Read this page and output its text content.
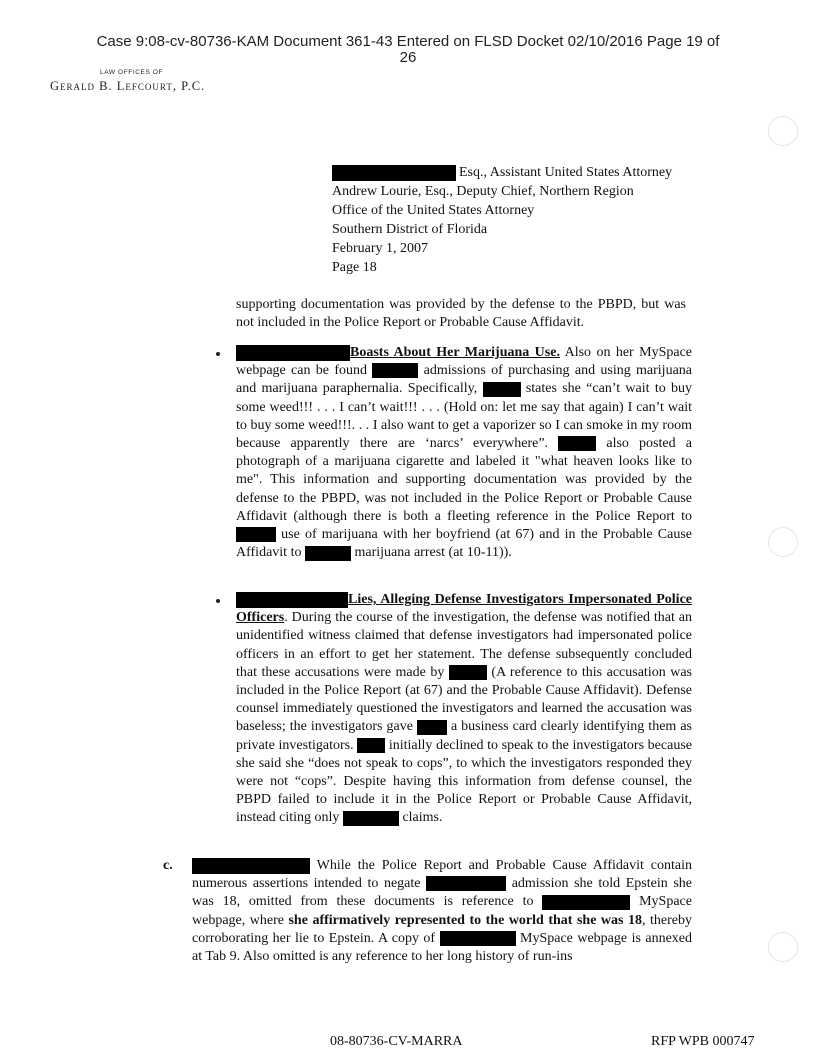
Case 9:08-cv-80736-KAM Document 361-43 Entered on FLSD Docket 02/10/2016 Page 19 of
26
LAW OFFICES OF
Gerald B. Lefcourt, P.C.
Esq., Assistant United States Attorney
Andrew Lourie, Esq., Deputy Chief, Northern Region
Office of the United States Attorney
Southern District of Florida
February 1, 2007
Page 18
supporting documentation was provided by the defense to the PBPD, but was not included in the Police Report or Probable Cause Affidavit.
Boasts About Her Marijuana Use. Also on her MySpace webpage can be found	admissions of purchasing and using marijuana and marijuana paraphernalia. Specifically,	states she “can’t wait to buy some weed!!! . . . I can’t wait!!! . . . (Hold on: let me say that again) I can’t wait to buy some weed!!!. . . I also want to get a vaporizer so I can smoke in my room because apparently there are ‘narcs’ everywhere”.	also posted a photograph of a marijuana cigarette and labeled it "what heaven looks like to me". This information and supporting documentation was provided by the defense to the PBPD, was not included in the Police Report or Probable Cause Affidavit (although there is both a fleeting reference in the Police Report to  use of marijuana with her boyfriend (at 67) and in the Probable Cause Affidavit to	marijuana arrest (at 10-11)).
Lies, Alleging Defense Investigators Impersonated Police Officers. During the course of the investigation, the defense was notified that an unidentified witness claimed that defense investigators had impersonated police officers in an effort to get her statement. The defense subsequently concluded that these accusations were made by	(A reference to this accusation was included in the Police Report (at 67) and the Probable Cause Affidavit). Defense counsel immediately questioned the investigators and learned the accusation was baseless; the investigators gave  a business card clearly identifying them as private investigators.  initially declined to speak to the investigators because she said she “does not speak to cops”, to which the investigators responded they were not “cops”. Despite having this information from defense counsel, the PBPD failed to include it in the Police Report or Probable Cause Affidavit, instead citing only	claims.
c.	While the Police Report and Probable Cause Affidavit contain numerous assertions intended to negate	admission she told Epstein she was 18, omitted from these documents is reference to	MySpace webpage, where she affirmatively represented to the world that she was 18, thereby corroborating her lie to Epstein. A copy of	MySpace webpage is annexed at Tab 9. Also omitted is any reference to her long history of run-ins
08-80736-CV-MARRA	RFP WPB 000747
